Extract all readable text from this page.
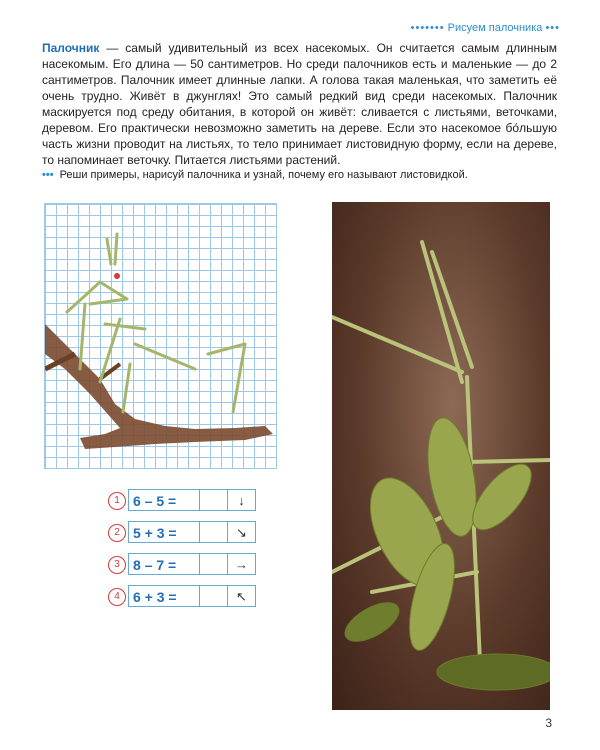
••••••• Рисуем палочника •••
Палочник — самый удивительный из всех насекомых. Он считается самым длинным насекомым. Его длина — 50 сантиметров. Но среди палочников есть и маленькие — до 2 сантиметров. Палочник имеет длинные лапки. А голова такая маленькая, что заметить её очень трудно. Живёт в джунглях! Это самый редкий вид среди насекомых. Палочник маскируется под среду обитания, в которой он живёт: сливается с листьями, веточками, деревом. Его практически невозможно заметить на дереве. Если это насекомое бо́льшую часть жизни проводит на листьях, то тело принимает листовидную форму, если на дереве, то напоминает веточку. Питается листьями растений.
••• Реши примеры, нарисуй палочника и узнай, почему его называют листовидкой.
1 6 – 5 =	↓
2 5 + 3 =	↘
3 8 – 7 =	→
4 6 + 3 =	↖
3
